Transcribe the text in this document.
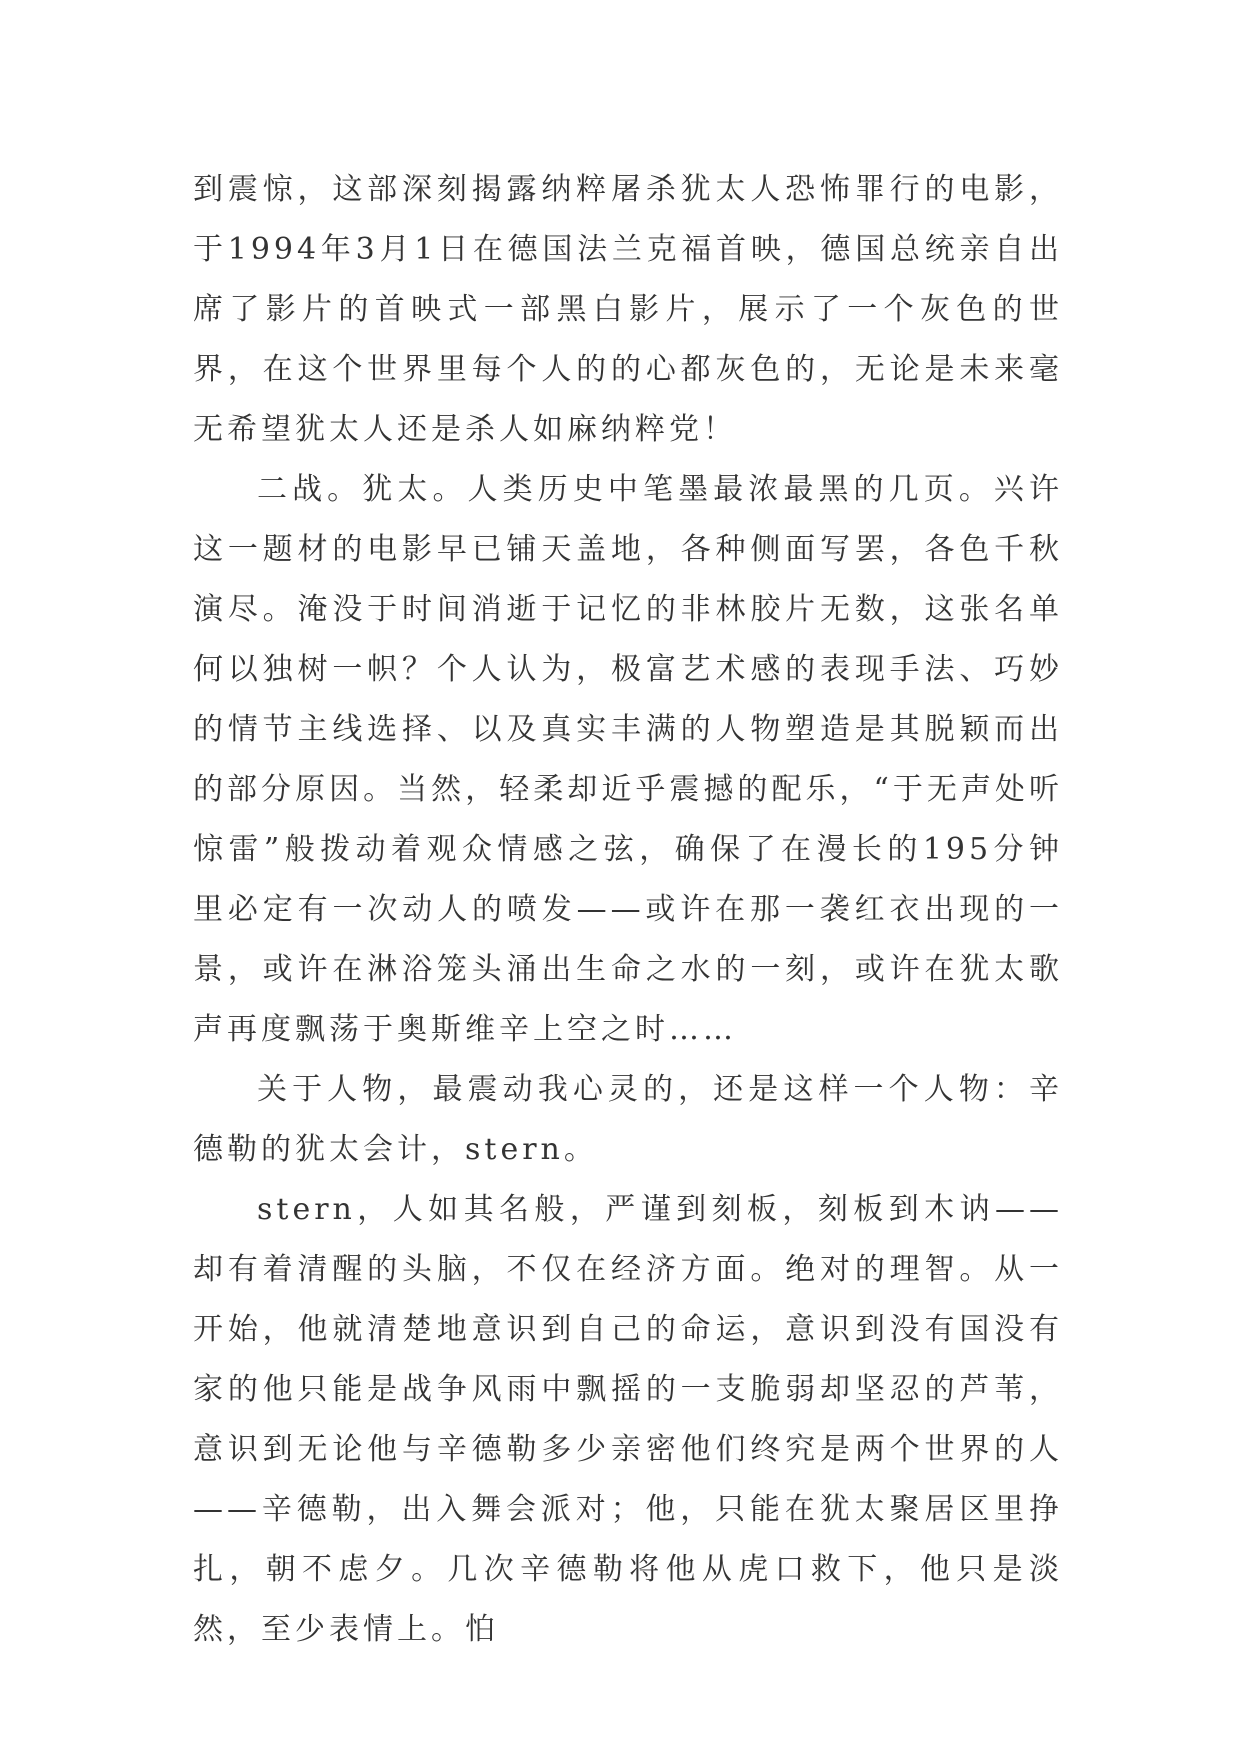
到震惊，这部深刻揭露纳粹屠杀犹太人恐怖罪行的电影，于1994年3月1日在德国法兰克福首映，德国总统亲自出席了影片的首映式一部黑白影片，展示了一个灰色的世界，在这个世界里每个人的的心都灰色的，无论是未来毫无希望犹太人还是杀人如麻纳粹党！

二战。犹太。人类历史中笔墨最浓最黑的几页。兴许这一题材的电影早已铺天盖地，各种侧面写罢，各色千秋演尽。淹没于时间消逝于记忆的非林胶片无数，这张名单何以独树一帜？个人认为，极富艺术感的表现手法、巧妙的情节主线选择、以及真实丰满的人物塑造是其脱颖而出的部分原因。当然，轻柔却近乎震撼的配乐，“于无声处听惊雷”般拨动着观众情感之弦，确保了在漫长的195分钟里必定有一次动人的喷发——或许在那一袭红衣出现的一景，或许在淋浴笼头涌出生命之水的一刻，或许在犹太歌声再度飘荡于奥斯维辛上空之时……

关于人物，最震动我心灵的，还是这样一个人物：辛德勒的犹太会计，stern。

stern，人如其名般，严谨到刻板，刻板到木讷——却有着清醒的头脑，不仅在经济方面。绝对的理智。从一开始，他就清楚地意识到自己的命运，意识到没有国没有家的他只能是战争风雨中飘摇的一支脆弱却坚忍的芦苇，意识到无论他与辛德勒多少亲密他们终究是两个世界的人——辛德勒，出入舞会派对；他，只能在犹太聚居区里挣扎，朝不虑夕。几次辛德勒将他从虎口救下，他只是淡然，至少表情上。怕
